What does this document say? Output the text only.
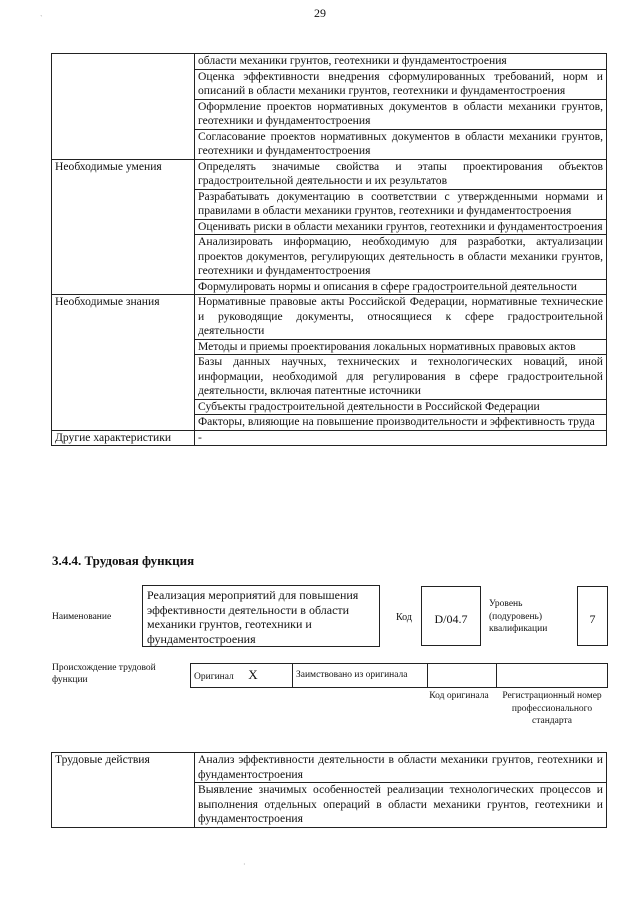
29
	области механики грунтов, геотехники и фундаментостроения
	Оценка эффективности внедрения сформулированных требований, норм и описаний в области механики грунтов, геотехники и фундаментостроения
	Оформление проектов нормативных документов в области механики грунтов, геотехники и фундаментостроения
	Согласование проектов нормативных документов в области механики грунтов, геотехники и фундаментостроения
Необходимые умения	Определять значимые свойства и этапы проектирования объектов градостроительной деятельности и их результатов
	Разрабатывать документацию в соответствии с утвержденными нормами и правилами в области механики грунтов, геотехники и фундаментостроения
	Оценивать риски в области механики грунтов, геотехники и фундаментостроения
	Анализировать информацию, необходимую для разработки, актуализации проектов документов, регулирующих деятельность в области механики грунтов, геотехники и фундаментостроения
	Формулировать нормы и описания в сфере градостроительной деятельности
Необходимые знания	Нормативные правовые акты Российской Федерации, нормативные технические и руководящие документы, относящиеся к сфере градостроительной деятельности
	Методы и приемы проектирования локальных нормативных правовых актов
	Базы данных научных, технических и технологических новаций, иной информации, необходимой для регулирования в сфере градостроительной деятельности, включая патентные источники
	Субъекты градостроительной деятельности в Российской Федерации
	Факторы, влияющие на повышение производительности и эффективность труда
Другие характеристики	-
3.4.4. Трудовая функция
Наименование
Реализация мероприятий для повышения эффективности деятельности в области механики грунтов, геотехники и фундаментостроения
Код	D/04.7
Уровень (подуровень) квалификации
7
Происхождение трудовой функции	Оригинал X	Заимствовано из оригинала		
Код оригинала Регистрационный номер профессионального стандарта
Трудовые действия	Анализ эффективности деятельности в области механики грунтов, геотехники и фундаментостроения
Выявление значимых особенностей реализации технологических процессов и выполнения отдельных операций в области механики грунтов, геотехники и фундаментостроения
`
·
